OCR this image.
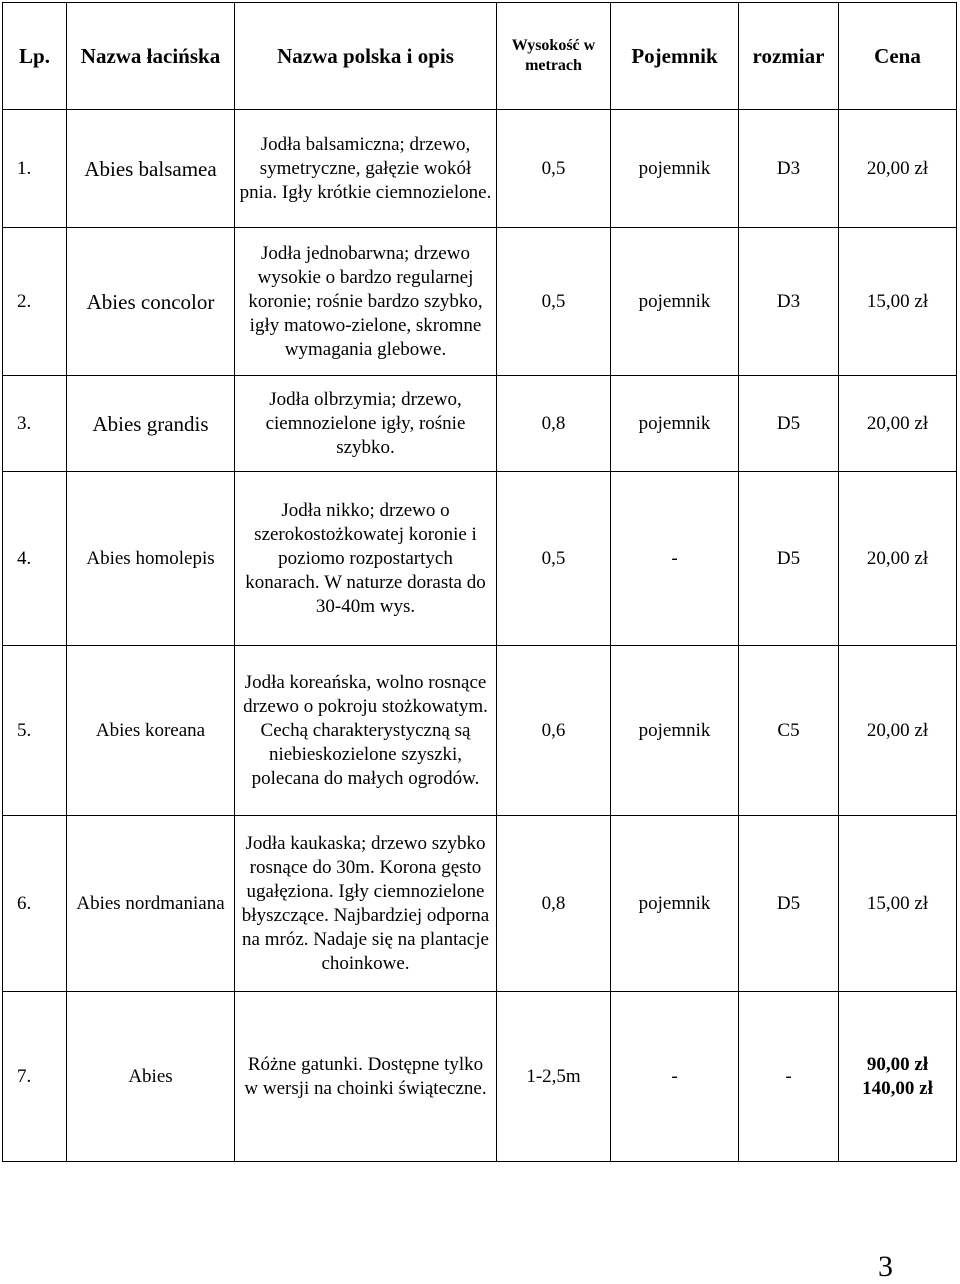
Lp.	Nazwa łacińska	Nazwa polska i opis	Wysokość w metrach	Pojemnik	rozmiar	Cena
1.	Abies balsamea	Jodła balsamiczna; drzewo, symetryczne, gałęzie wokół pnia. Igły krótkie ciemnozielone.	0,5	pojemnik	D3	20,00 zł
2.	Abies concolor	Jodła jednobarwna; drzewo wysokie o bardzo regularnej koronie; rośnie bardzo szybko, igły matowo-zielone, skromne wymagania glebowe.	0,5	pojemnik	D3	15,00 zł
3.	Abies grandis	Jodła olbrzymia; drzewo, ciemnozielone igły, rośnie szybko.	0,8	pojemnik	D5	20,00 zł
4.	Abies homolepis	Jodła nikko; drzewo o szerokostożkowatej koronie i poziomo rozpostartych konarach. W naturze dorasta do 30-40m wys.	0,5	-	D5	20,00 zł
5.	Abies koreana	Jodła koreańska, wolno rosnące drzewo o pokroju stożkowatym. Cechą charakterystyczną są niebieskozielone szyszki, polecana do małych ogrodów.	0,6	pojemnik	C5	20,00 zł
6.	Abies nordmaniana	Jodła kaukaska; drzewo szybko rosnące do 30m. Korona gęsto ugałęziona. Igły ciemnozielone błyszczące. Najbardziej odporna na mróz. Nadaje się na plantacje choinkowe.	0,8	pojemnik	D5	15,00 zł
7.	Abies	Różne gatunki. Dostępne tylko w wersji na choinki świąteczne.	1-2,5m	-	-	90,00 zł
140,00 zł
3
